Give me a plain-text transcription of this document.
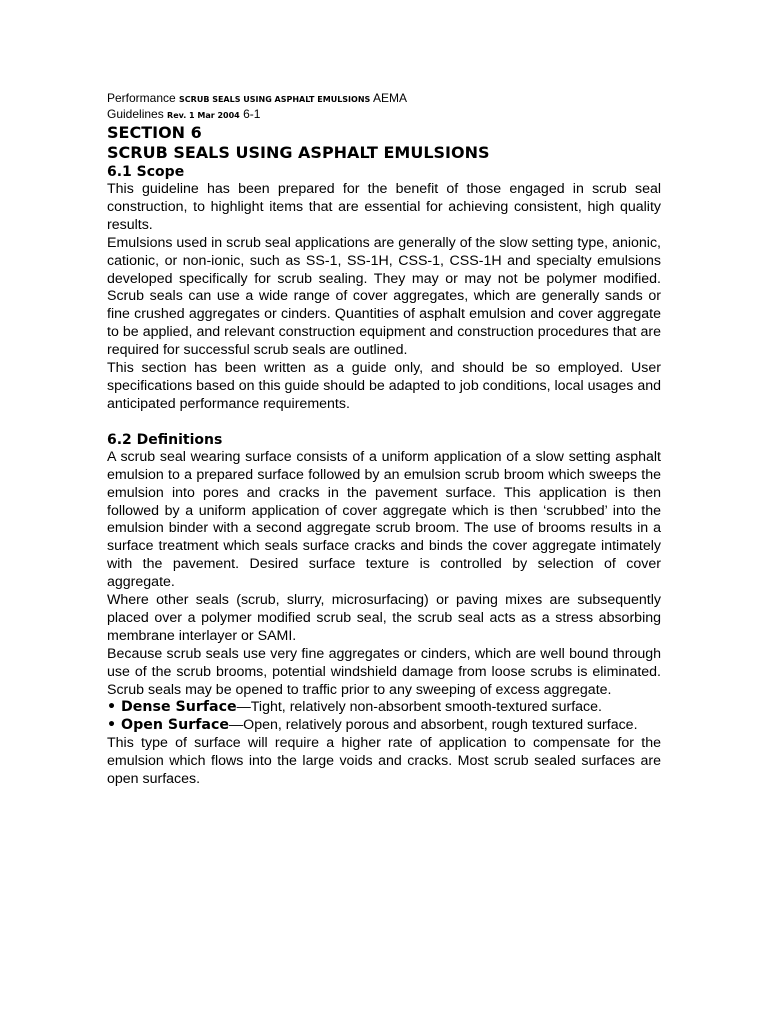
Performance SCRUB SEALS USING ASPHALT EMULSIONS AEMA
Guidelines Rev. 1 Mar 2004 6-1
SECTION 6
SCRUB SEALS USING ASPHALT EMULSIONS
6.1 Scope

This guideline has been prepared for the benefit of those engaged in scrub seal construction, to highlight items that are essential for achieving consistent, high quality results.

Emulsions used in scrub seal applications are generally of the slow setting type, anionic, cationic, or non-ionic, such as SS-1, SS-1H, CSS-1, CSS-1H and specialty emulsions developed specifically for scrub sealing. They may or may not be polymer modified. Scrub seals can use a wide range of cover aggregates, which are generally sands or fine crushed aggregates or cinders. Quantities of asphalt emulsion and cover aggregate to be applied, and relevant construction equipment and construction procedures that are required for successful scrub seals are outlined.

This section has been written as a guide only, and should be so employed. User specifications based on this guide should be adapted to job conditions, local usages and anticipated performance requirements.

6.2 Definitions

A scrub seal wearing surface consists of a uniform application of a slow setting asphalt emulsion to a prepared surface followed by an emulsion scrub broom which sweeps the emulsion into pores and cracks in the pavement surface. This application is then followed by a uniform application of cover aggregate which is then ‘scrubbed’ into the emulsion binder with a second aggregate scrub broom. The use of brooms results in a surface treatment which seals surface cracks and binds the cover aggregate intimately with the pavement. Desired surface texture is controlled by selection of cover aggregate.

Where other seals (scrub, slurry, microsurfacing) or paving mixes are subsequently placed over a polymer modified scrub seal, the scrub seal acts as a stress absorbing membrane interlayer or SAMI.

Because scrub seals use very fine aggregates or cinders, which are well bound through use of the scrub brooms, potential windshield damage from loose scrubs is eliminated. Scrub seals may be opened to traffic prior to any sweeping of excess aggregate.

• Dense Surface—Tight, relatively non-absorbent smooth-textured surface.

• Open Surface—Open, relatively porous and absorbent, rough textured surface.

This type of surface will require a higher rate of application to compensate for the emulsion which flows into the large voids and cracks. Most scrub sealed surfaces are open surfaces.
